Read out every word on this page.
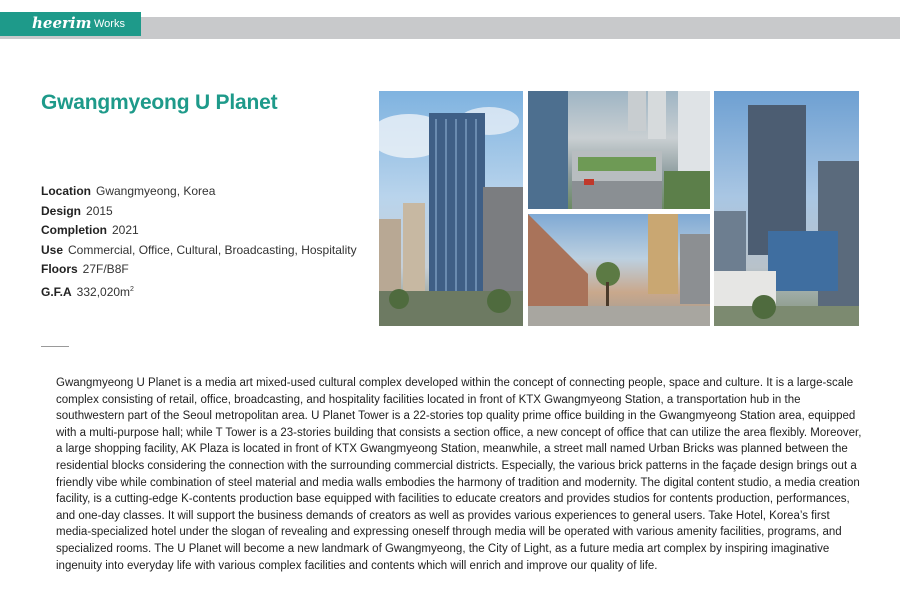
heerim Works
Gwangmyeong U Planet
Location Gwangmyeong, Korea
Design 2015
Completion 2021
Use Commercial, Office, Cultural, Broadcasting, Hospitality
Floors 27F/B8F
G.F.A $332,020m^2$

Gwangmyeong U Planet is a media art mixed-used cultural complex developed within the concept of connecting people, space and culture. It is a large-scale complex consisting of retail, office, broadcasting, and hospitality facilities located in front of KTX Gwangmyeong Station, a transportation hub in the southwestern part of the Seoul metropolitan area. U Planet Tower is a 22-stories top quality prime office building in the Gwangmyeong Station area, equipped with a multi-purpose hall; while T Tower is a 23-stories building that consists a section office, a new concept of office that can utilize the area flexibly. Moreover, a large shopping facility, AK Plaza is located in front of KTX Gwangmyeong Station, meanwhile, a street mall named Urban Bricks was planned between the residential blocks considering the connection with the surrounding commercial districts. Especially, the various brick patterns in the façade design brings out a friendly vibe while combination of steel material and media walls embodies the harmony of tradition and modernity. The digital content studio, a media creation facility, is a cutting-edge K-contents production base equipped with facilities to educate creators and provides studios for contents production, performances, and one-day classes. It will support the business demands of creators as well as provides various experiences to general users. Take Hotel, Korea’s first media-specialized hotel under the slogan of revealing and expressing oneself through media will be operated with various amenity facilities, programs, and specialized rooms. The U Planet will become a new landmark of Gwangmyeong, the City of Light, as a future media art complex by inspiring imaginative ingenuity into everyday life with various complex facilities and contents which will enrich and improve our quality of life.
